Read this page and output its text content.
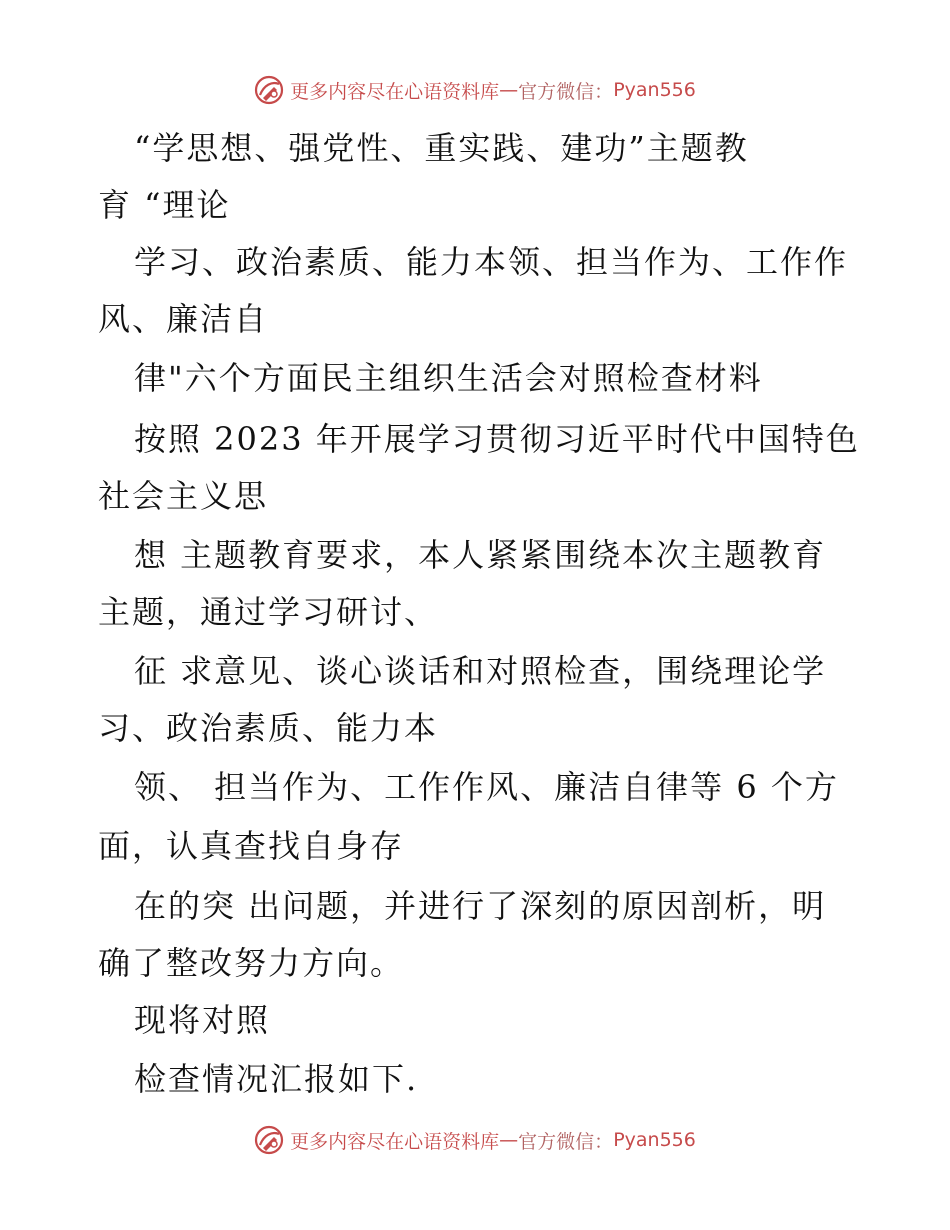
更多内容尽在心语资料库 — 官方微信： Pyan556
“学思想、强党性、重实践、建功”主题教
育 “理论
学习、政治素质、能力本领、担当作为、工作作
风、廉洁自
律"六个方面民主组织生活会对照检查材料
按照 2023 年开展学习贯彻习近平时代中国特色
社会主义思
想 主题教育要求，本人紧紧围绕本次主题教育
主题，通过学习研讨、
征 求意见、谈心谈话和对照检查，围绕理论学
习、政治素质、能力本
领、 担当作为、工作作风、廉洁自律等 6 个方
面，认真查找自身存
在的突 出问题，并进行了深刻的原因剖析，明
确了整改努力方向。
现将对照
检查情况汇报如下.
更多内容尽在心语资料库 — 官方微信： Pyan556
